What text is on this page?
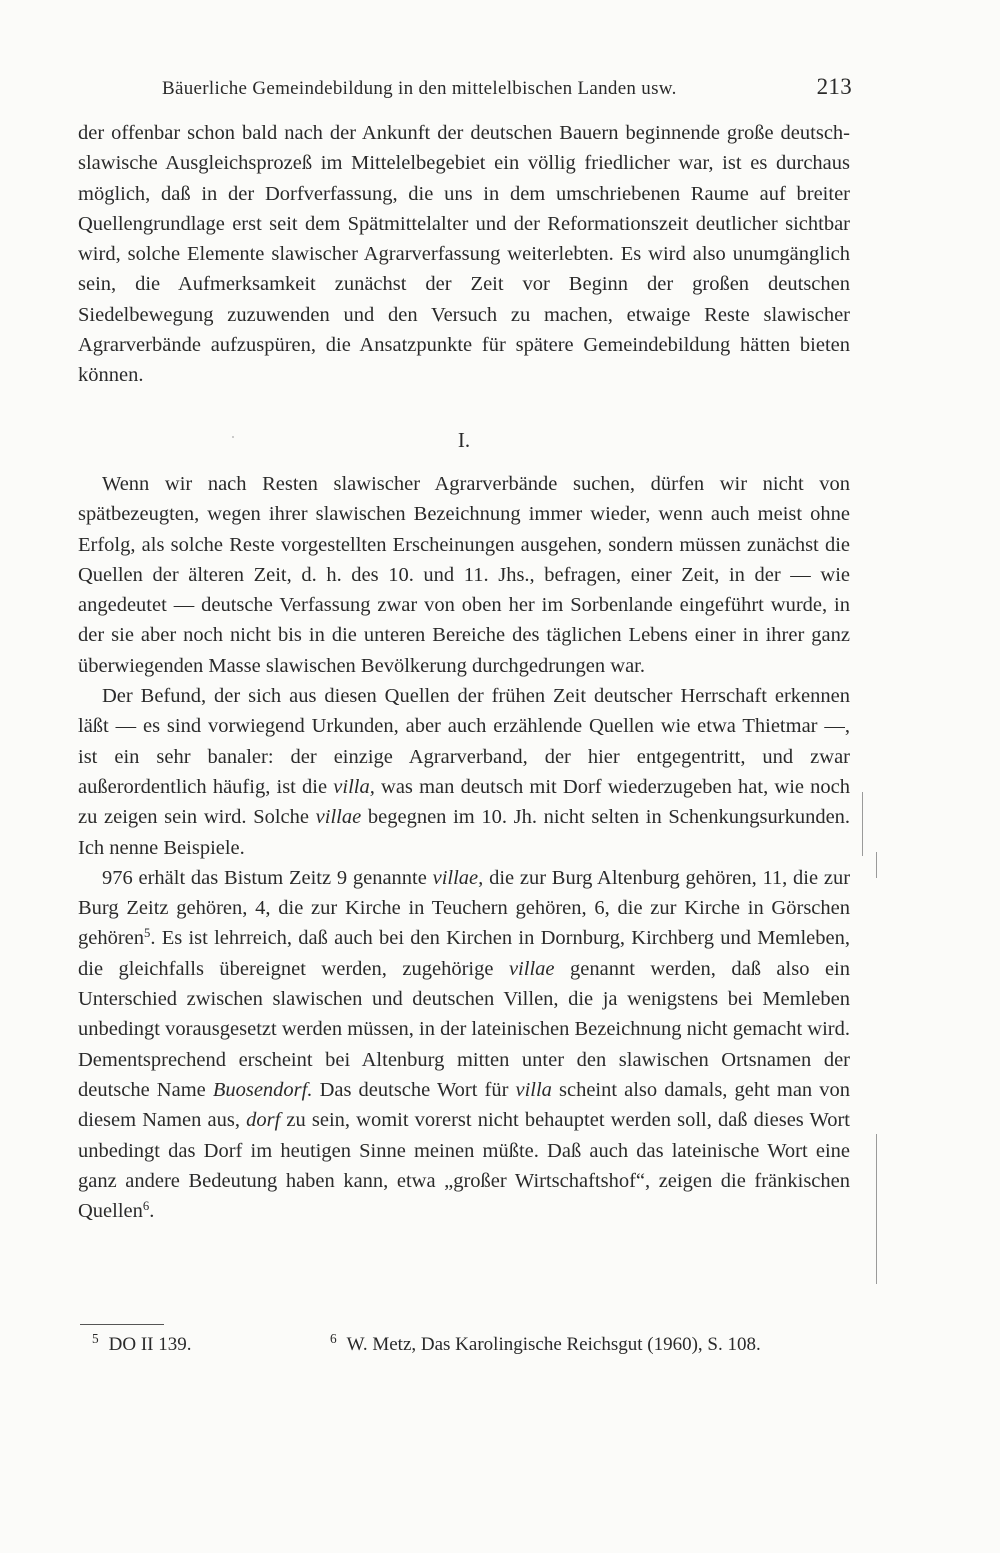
Bäuerliche Gemeindebildung in den mittelelbischen Landen usw.	213

der offenbar schon bald nach der Ankunft der deutschen Bauern beginnende große deutsch-slawische Ausgleichsprozeß im Mittelelbegebiet ein völlig friedlicher war, ist es durchaus möglich, daß in der Dorfverfassung, die uns in dem umschriebenen Raume auf breiter Quellengrundlage erst seit dem Spätmittelalter und der Reformationszeit deutlicher sichtbar wird, solche Elemente slawischer Agrarverfassung weiterlebten. Es wird also unumgänglich sein, die Aufmerksamkeit zunächst der Zeit vor Beginn der großen deutschen Siedelbewegung zuzuwenden und den Versuch zu machen, etwaige Reste slawischer Agrarverbände aufzuspüren, die Ansatzpunkte für spätere Gemeindebildung hätten bieten können.

I.

Wenn wir nach Resten slawischer Agrarverbände suchen, dürfen wir nicht von spätbezeugten, wegen ihrer slawischen Bezeichnung immer wieder, wenn auch meist ohne Erfolg, als solche Reste vorgestellten Erscheinungen ausgehen, sondern müssen zunächst die Quellen der älteren Zeit, d. h. des 10. und 11. Jhs., befragen, einer Zeit, in der — wie angedeutet — deutsche Verfassung zwar von oben her im Sorbenlande eingeführt wurde, in der sie aber noch nicht bis in die unteren Bereiche des täglichen Lebens einer in ihrer ganz überwiegenden Masse slawischen Bevölkerung durchgedrungen war.

Der Befund, der sich aus diesen Quellen der frühen Zeit deutscher Herrschaft erkennen läßt — es sind vorwiegend Urkunden, aber auch erzählende Quellen wie etwa Thietmar —, ist ein sehr banaler: der einzige Agrarverband, der hier entgegentritt, und zwar außerordentlich häufig, ist die villa, was man deutsch mit Dorf wiederzugeben hat, wie noch zu zeigen sein wird. Solche villae begegnen im 10. Jh. nicht selten in Schenkungsurkunden. Ich nenne Beispiele.

976 erhält das Bistum Zeitz 9 genannte villae, die zur Burg Altenburg gehören, 11, die zur Burg Zeitz gehören, 4, die zur Kirche in Teuchern gehören, 6, die zur Kirche in Görschen gehören$^5$. Es ist lehrreich, daß auch bei den Kirchen in Dornburg, Kirchberg und Memleben, die gleichfalls übereignet werden, zugehörige villae genannt werden, daß also ein Unterschied zwischen slawischen und deutschen Villen, die ja wenigstens bei Memleben unbedingt vorausgesetzt werden müssen, in der lateinischen Bezeichnung nicht gemacht wird. Dementsprechend erscheint bei Altenburg mitten unter den slawischen Ortsnamen der deutsche Name Buosendorf. Das deutsche Wort für villa scheint also damals, geht man von diesem Namen aus, dorf zu sein, womit vorerst nicht behauptet werden soll, daß dieses Wort unbedingt das Dorf im heutigen Sinne meinen müßte. Daß auch das lateinische Wort eine ganz andere Bedeutung haben kann, etwa „großer Wirtschaftshof“, zeigen die fränkischen Quellen$^6$.

$^5$ DO II 139.	$^6$ W. Metz, Das Karolingische Reichsgut (1960), S. 108.
